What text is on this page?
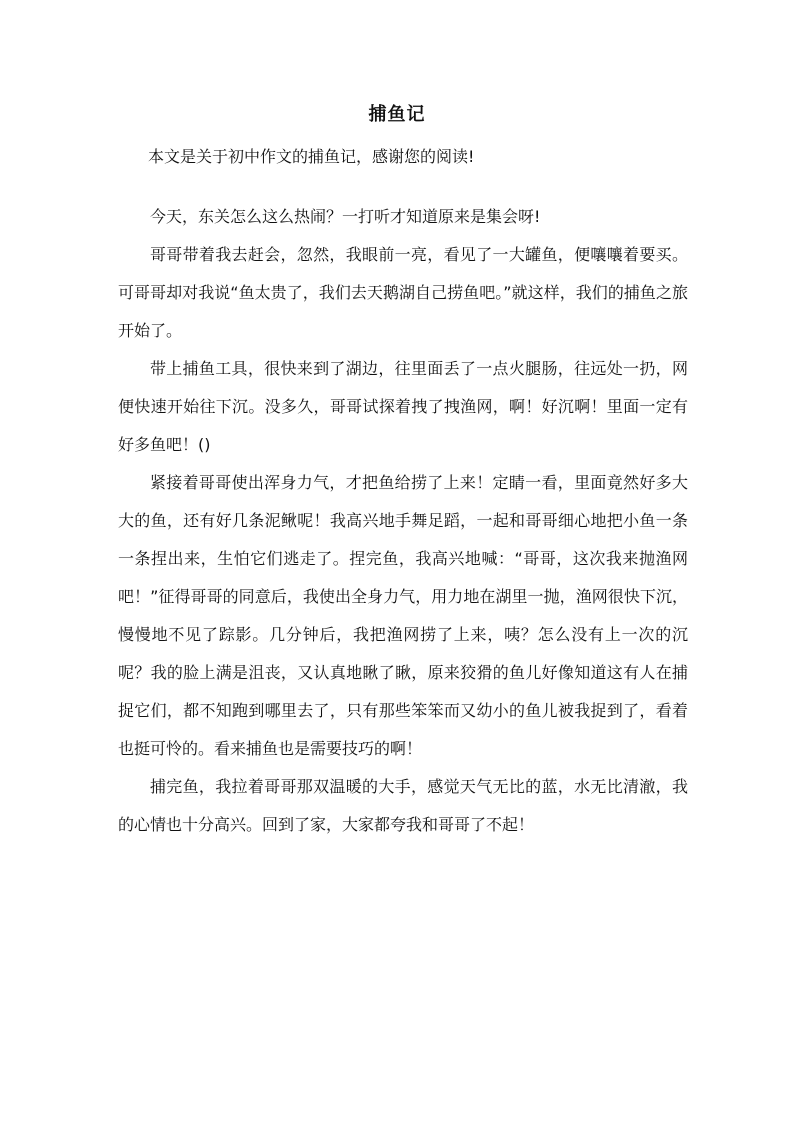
捕鱼记
本文是关于初中作文的捕鱼记，感谢您的阅读!

今天，东关怎么这么热闹？一打听才知道原来是集会呀!

哥哥带着我去赶会，忽然，我眼前一亮，看见了一大罐鱼，便嚷嚷着要买。可哥哥却对我说“鱼太贵了，我们去天鹅湖自己捞鱼吧。”就这样，我们的捕鱼之旅开始了。

带上捕鱼工具，很快来到了湖边，往里面丢了一点火腿肠，往远处一扔，网便快速开始往下沉。没多久，哥哥试探着拽了拽渔网，啊！好沉啊！里面一定有好多鱼吧！()

紧接着哥哥使出浑身力气，才把鱼给捞了上来！定睛一看，里面竟然好多大大的鱼，还有好几条泥鳅呢！我高兴地手舞足蹈，一起和哥哥细心地把小鱼一条一条捏出来，生怕它们逃走了。捏完鱼，我高兴地喊：“哥哥，这次我来抛渔网吧！”征得哥哥的同意后，我使出全身力气，用力地在湖里一抛，渔网很快下沉，慢慢地不见了踪影。几分钟后，我把渔网捞了上来，咦？怎么没有上一次的沉呢？我的脸上满是沮丧，又认真地瞅了瞅，原来狡猾的鱼儿好像知道这有人在捕捉它们，都不知跑到哪里去了，只有那些笨笨而又幼小的鱼儿被我捉到了，看着也挺可怜的。看来捕鱼也是需要技巧的啊！

捕完鱼，我拉着哥哥那双温暖的大手，感觉天气无比的蓝，水无比清澈，我的心情也十分高兴。回到了家，大家都夸我和哥哥了不起！
